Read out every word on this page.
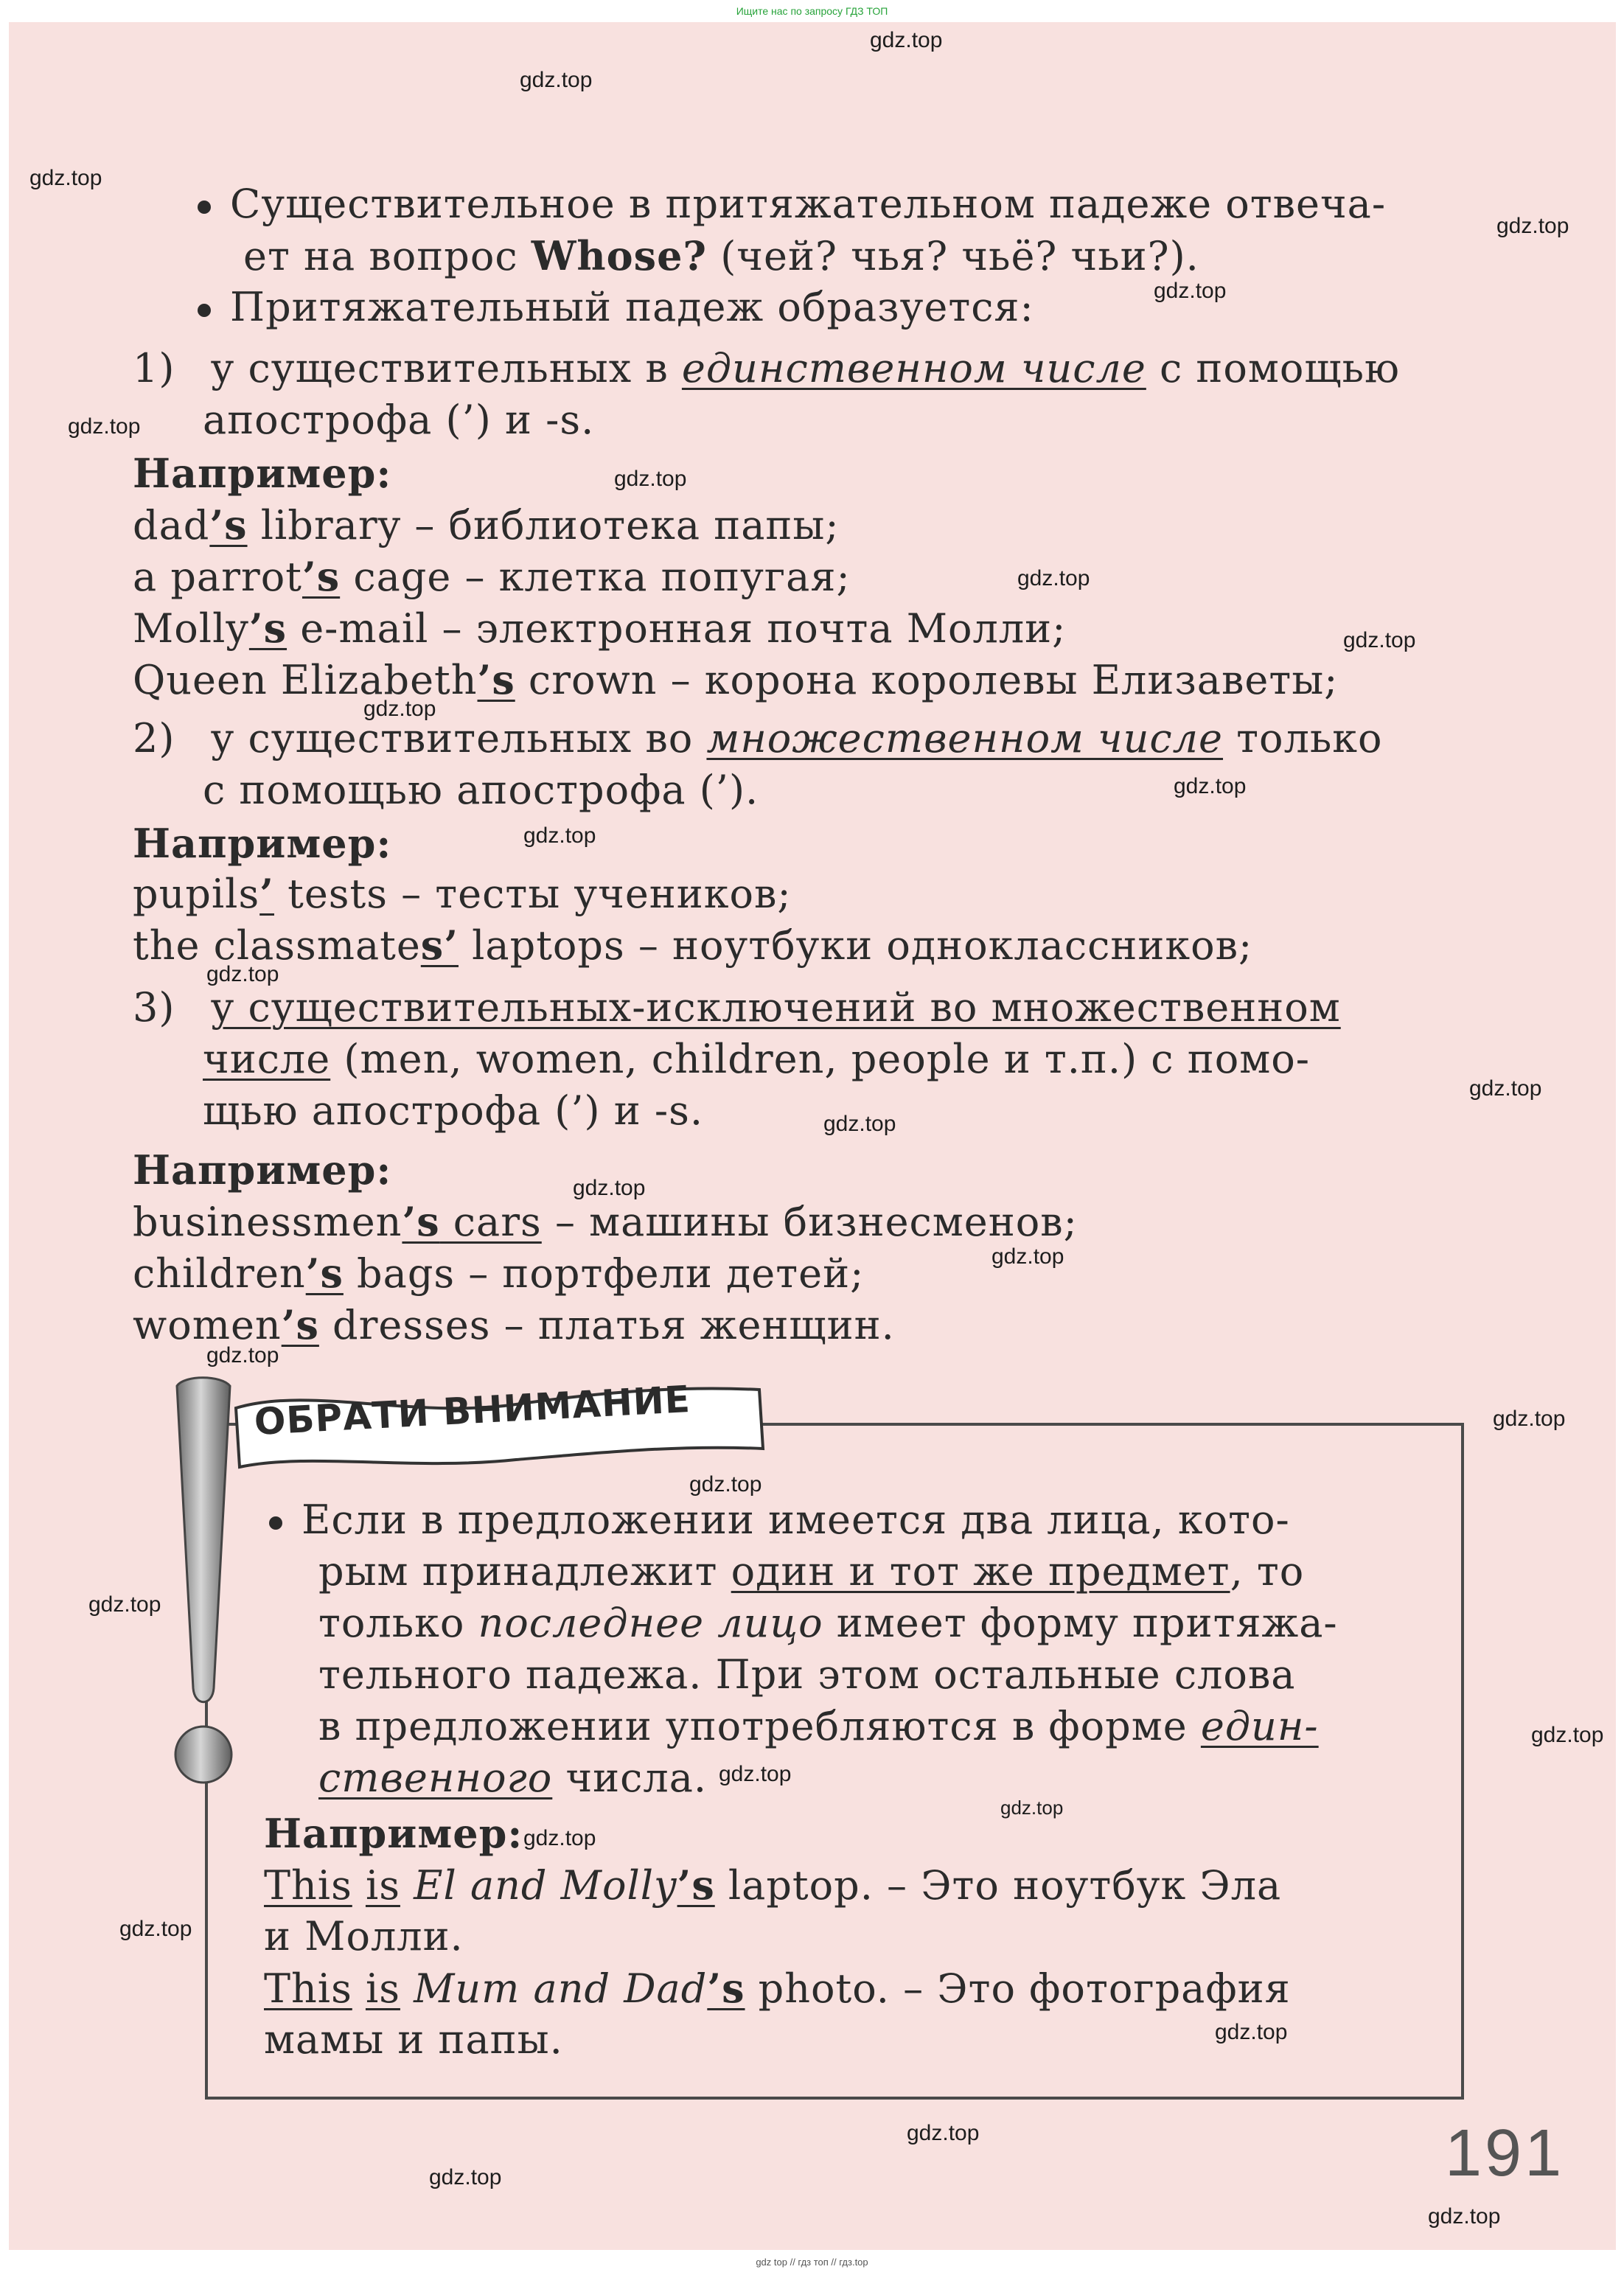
Ищите нас по запросу ГДЗ ТОП
Существительное в притяжательном падеже отвеча-
ет на вопрос Whose? (чей? чья? чьё? чьи?).
Притяжательный падеж образуется:
1) у существительных в единственном числе с помощью
апострофа (’) и -s.
Например:
dad’s library – библиотека папы;
a parrot’s cage – клетка попугая;
Molly’s e-mail – электронная почта Молли;
Queen Elizabeth’s crown – корона королевы Елизаветы;
2) у существительных во множественном числе только
с помощью апострофа (’).
Например:
pupils’ tests – тесты учеников;
the classmates’ laptops – ноутбуки одноклассников;
3) у существительных-исключений во множественном
числе (men, women, children, people и т.п.) с помо-
щью апострофа (’) и -s.
Например:
businessmen’s cars – машины бизнесменов;
children’s bags – портфели детей;
women’s dresses – платья женщин.
ОБРАТИ ВНИМАНИЕ
Если в предложении имеется два лица, кото-
рым принадлежит один и тот же предмет, то
только последнее лицо имеет форму притяжа-
тельного падежа. При этом остальные слова
в предложении употребляются в форме един-
ственного числа.
Например:
This is El and Molly’s laptop. – Это ноутбук Эла
и Молли.
This is Mum and Dad’s photo. – Это фотография
мамы и папы.
191
gdz.top
gdz.top
gdz.top
gdz.top
gdz.top
gdz.top
gdz.top
gdz.top
gdz.top
gdz.top
gdz.top
gdz.top
gdz.top
gdz.top
gdz.top
gdz.top
gdz.top
gdz.top
gdz.top
gdz.top
gdz.top
gdz.top
gdz.top
gdz.top
gdz.top
gdz.top
gdz.top
gdz.top
gdz.top
gdz.top
gdz top // гдз топ // гдз.top
